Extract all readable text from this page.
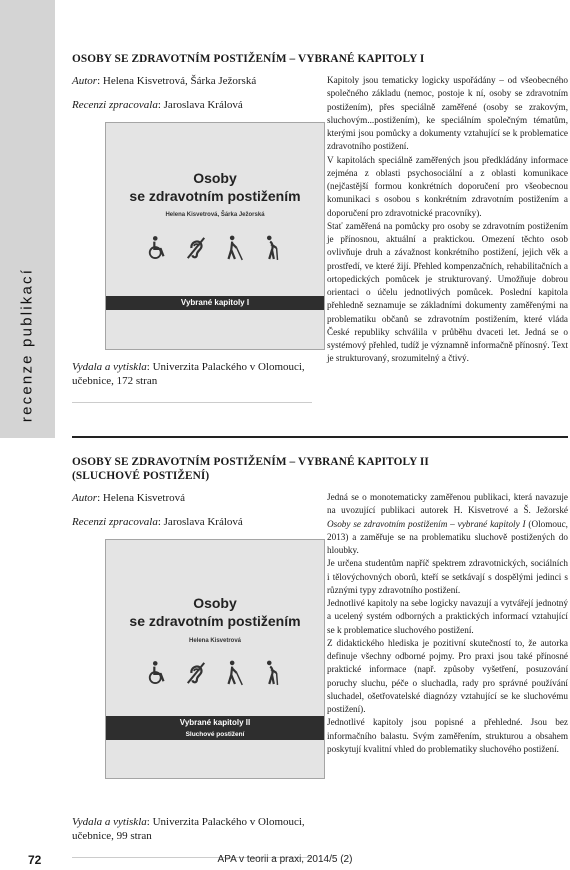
recenze publikací
OSOBY SE ZDRAVOTNÍM POSTIŽENÍM – VYBRANÉ KAPITOLY I

Autor: Helena Kisvetrová, Šárka Ježorská

Recenzi zpracovala: Jaroslava Králová

Osoby
se zdravotním postižením
Helena Kisvetrová, Šárka Ježorská
Vybrané kapitoly I

Vydala a vytiskla: Univerzita Palackého v Olomouci, učebnice, 172 stran

Kapitoly jsou tematicky logicky uspořádány – od všeobecného společného základu (nemoc, postoje k ní, osoby se zdravotním postižením), přes speciálně zaměřené (osoby se zrakovým, sluchovým...postižením), ke speciálním společným tématům, kterými jsou pomůcky a dokumenty vztahující se k problematice zdravotního postižení.

V kapitolách speciálně zaměřených jsou předkládány informace zejména z oblasti psychosociální a z oblasti komunikace (nejčastější formou konkrétních doporučení pro všeobecnou komunikaci s osobou s konkrétním zdravotním postižením a doporučení pro zdravotnické pracovníky).

Stať zaměřená na pomůcky pro osoby se zdravotním postižením je přínosnou, aktuální a praktickou. Omezení těchto osob ovlivňuje druh a závažnost konkrétního postižení, jejich věk a prostředí, ve které žijí. Přehled kompenzačních, rehabilitačních a ortopedických pomůcek je strukturovaný. Umožňuje dobrou orientaci o účelu jednotlivých pomůcek. Poslední kapitola přehledně seznamuje se základními dokumenty zaměřenými na problematiku občanů se zdravotním postižením, které vláda České republiky schválila v průběhu dvaceti let. Jedná se o systémový přehled, tudíž je významně informačně přínosný. Text je strukturovaný, srozumitelný a čtivý.

OSOBY SE ZDRAVOTNÍM POSTIŽENÍM – VYBRANÉ KAPITOLY II
(SLUCHOVÉ POSTIŽENÍ)

Autor: Helena Kisvetrová

Recenzi zpracovala: Jaroslava Králová

Osoby
se zdravotním postižením
Helena Kisvetrová
Vybrané kapitoly II
Sluchové postižení

Vydala a vytiskla: Univerzita Palackého v Olomouci, učebnice, 99 stran

Jedná se o monotematicky zaměřenou publikaci, která navazuje na uvozující publikaci autorek H. Kisvetrové a Š. Ježorské Osoby se zdravotním postižením – vybrané kapitoly I (Olomouc, 2013) a zaměřuje se na problematiku sluchově postižených do hloubky.

Je určena studentům napříč spektrem zdravotnických, sociálních i tělovýchovných oborů, kteří se setkávají s dospělými jedinci s různými typy zdravotního postižení.

Jednotlivé kapitoly na sebe logicky navazují a vytvářejí jednotný a ucelený systém odborných a praktických informací vztahující se k problematice sluchového postižení.

Z didaktického hlediska je pozitivní skutečností to, že autorka definuje všechny odborné pojmy. Pro praxi jsou také přínosné praktické informace (např. způsoby vyšetření, posuzování poruchy sluchu, péče o sluchadla, rady pro správné používání sluchadel, ošetřovatelské diagnózy vztahující se ke sluchovému postižení).

Jednotlivé kapitoly jsou popisné a přehledné. Jsou bez informačního balastu. Svým zaměřením, strukturou a obsahem poskytují kvalitní vhled do problematiky sluchového postižení.

72	APA v teorii a praxi, 2014/5 (2)
